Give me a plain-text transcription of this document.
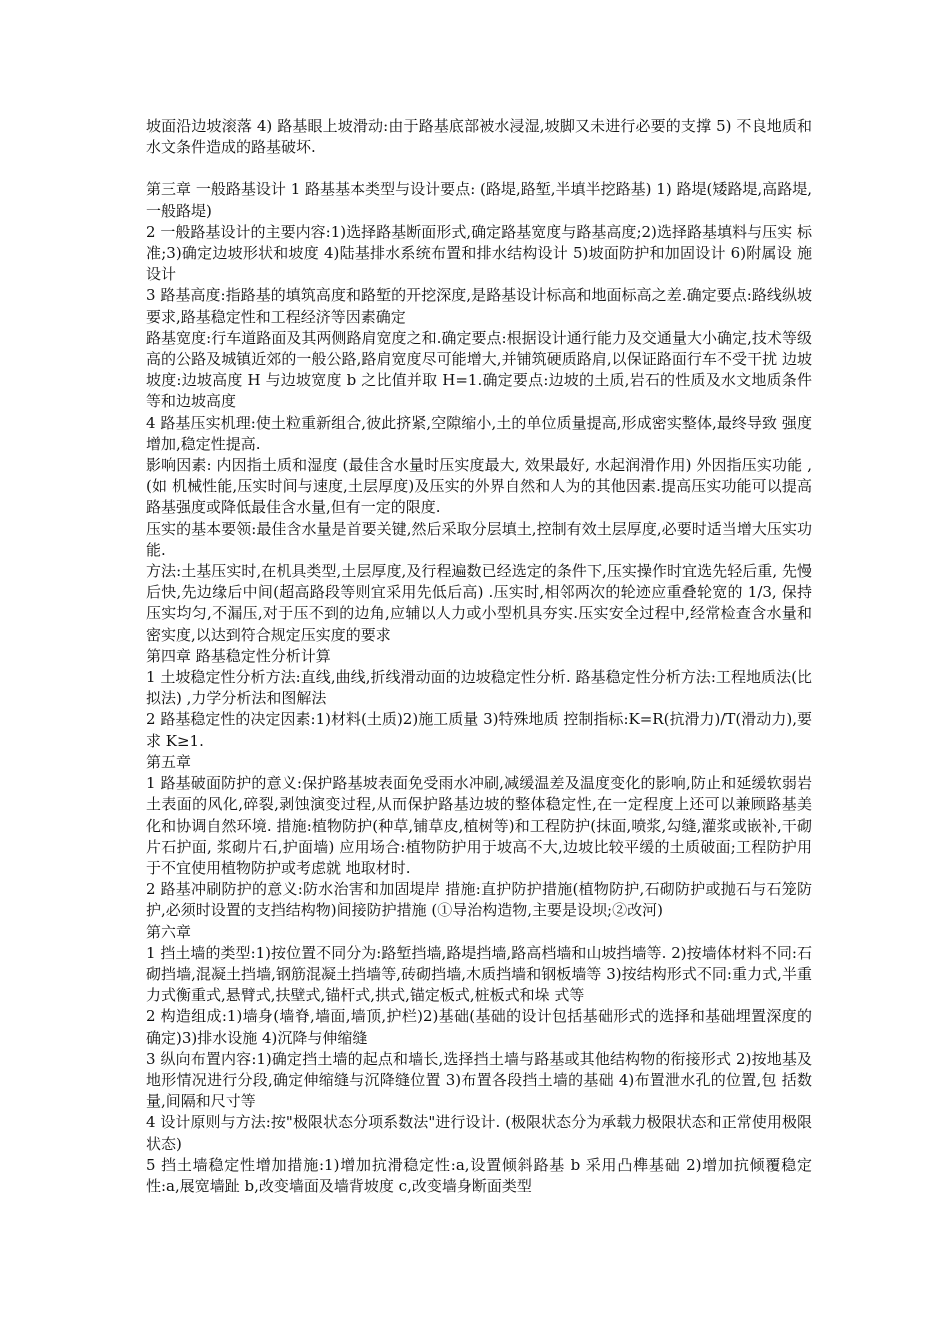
坡面沿边坡滚落 4) 路基眼上坡滑动:由于路基底部被水浸湿,坡脚又未进行必要的支撑 5) 不良地质和水文条件造成的路基破坏.

第三章 一般路基设计 1 路基基本类型与设计要点: (路堤,路堑,半填半挖路基) 1) 路堤(矮路堤,高路堤,一般路堤)

2 一般路基设计的主要内容:1)选择路基断面形式,确定路基宽度与路基高度;2)选择路基填料与压实 标准;3)确定边坡形状和坡度 4)陆基排水系统布置和排水结构设计 5)坡面防护和加固设计 6)附属设 施设计

3 路基高度:指路基的填筑高度和路堑的开挖深度,是路基设计标高和地面标高之差.确定要点:路线纵坡要求,路基稳定性和工程经济等因素确定

路基宽度:行车道路面及其两侧路肩宽度之和.确定要点:根据设计通行能力及交通量大小确定,技术等级高的公路及城镇近郊的一般公路,路肩宽度尽可能增大,并铺筑硬质路肩,以保证路面行车不受干扰 边坡坡度:边坡高度 H 与边坡宽度 b 之比值并取 H=1.确定要点:边坡的土质,岩石的性质及水文地质条件等和边坡高度

4 路基压实机理:使土粒重新组合,彼此挤紧,空隙缩小,土的单位质量提高,形成密实整体,最终导致 强度增加,稳定性提高.

影响因素: 内因指土质和湿度 (最佳含水量时压实度最大, 效果最好, 水起润滑作用) 外因指压实功能 , (如 机械性能,压实时间与速度,土层厚度)及压实的外界自然和人为的其他因素.提高压实功能可以提高路基强度或降低最佳含水量,但有一定的限度.

压实的基本要领:最佳含水量是首要关键,然后采取分层填土,控制有效土层厚度,必要时适当增大压实功能.

方法:土基压实时,在机具类型,土层厚度,及行程遍数已经选定的条件下,压实操作时宜选先轻后重, 先慢后快,先边缘后中间(超高路段等则宜采用先低后高) .压实时,相邻两次的轮迹应重叠轮宽的 1/3, 保持压实均匀,不漏压,对于压不到的边角,应辅以人力或小型机具夯实.压实安全过程中,经常检查含水量和密实度,以达到符合规定压实度的要求

第四章 路基稳定性分析计算

1 土坡稳定性分析方法:直线,曲线,折线滑动面的边坡稳定性分析. 路基稳定性分析方法:工程地质法(比拟法) ,力学分析法和图解法

2 路基稳定性的决定因素:1)材料(土质)2)施工质量 3)特殊地质 控制指标:K=R(抗滑力)/T(滑动力),要求 K≥1.

第五章

1 路基破面防护的意义:保护路基坡表面免受雨水冲刷,减缓温差及温度变化的影响,防止和延缓软弱岩 土表面的风化,碎裂,剥蚀演变过程,从而保护路基边坡的整体稳定性,在一定程度上还可以兼顾路基美 化和协调自然环境. 措施:植物防护(种草,铺草皮,植树等)和工程防护(抹面,喷浆,勾缝,灌浆或嵌补,干砌片石护面, 浆砌片石,护面墙) 应用场合:植物防护用于坡高不大,边坡比较平缓的土质破面;工程防护用于不宜使用植物防护或考虑就 地取材时.

2 路基冲刷防护的意义:防水治害和加固堤岸 措施:直护防护措施(植物防护,石砌防护或抛石与石笼防护,必须时设置的支挡结构物)间接防护措施 (①导治构造物,主要是设坝;②改河)

第六章

1 挡土墙的类型:1)按位置不同分为:路堑挡墙,路堤挡墙,路高档墙和山坡挡墙等. 2)按墙体材料不同:石砌挡墙,混凝土挡墙,钢筋混凝土挡墙等,砖砌挡墙,木质挡墙和钢板墙等 3)按结构形式不同:重力式,半重力式衡重式,悬臂式,扶壁式,锚杆式,拱式,锚定板式,桩板式和垛 式等

2 构造组成:1)墙身(墙脊,墙面,墙顶,护栏)2)基础(基础的设计包括基础形式的选择和基础埋置深度的确定)3)排水设施 4)沉降与伸缩缝

3 纵向布置内容:1)确定挡土墙的起点和墙长,选择挡土墙与路基或其他结构物的衔接形式 2)按地基及 地形情况进行分段,确定伸缩缝与沉降缝位置 3)布置各段挡土墙的基础 4)布置泄水孔的位置,包 括数量,间隔和尺寸等

4 设计原则与方法:按"极限状态分项系数法"进行设计. (极限状态分为承载力极限状态和正常使用极限 状态)

5 挡土墙稳定性增加措施:1)增加抗滑稳定性:a,设置倾斜路基 b 采用凸榫基础 2)增加抗倾覆稳定性:a,展宽墙趾 b,改变墙面及墙背坡度 c,改变墙身断面类型
